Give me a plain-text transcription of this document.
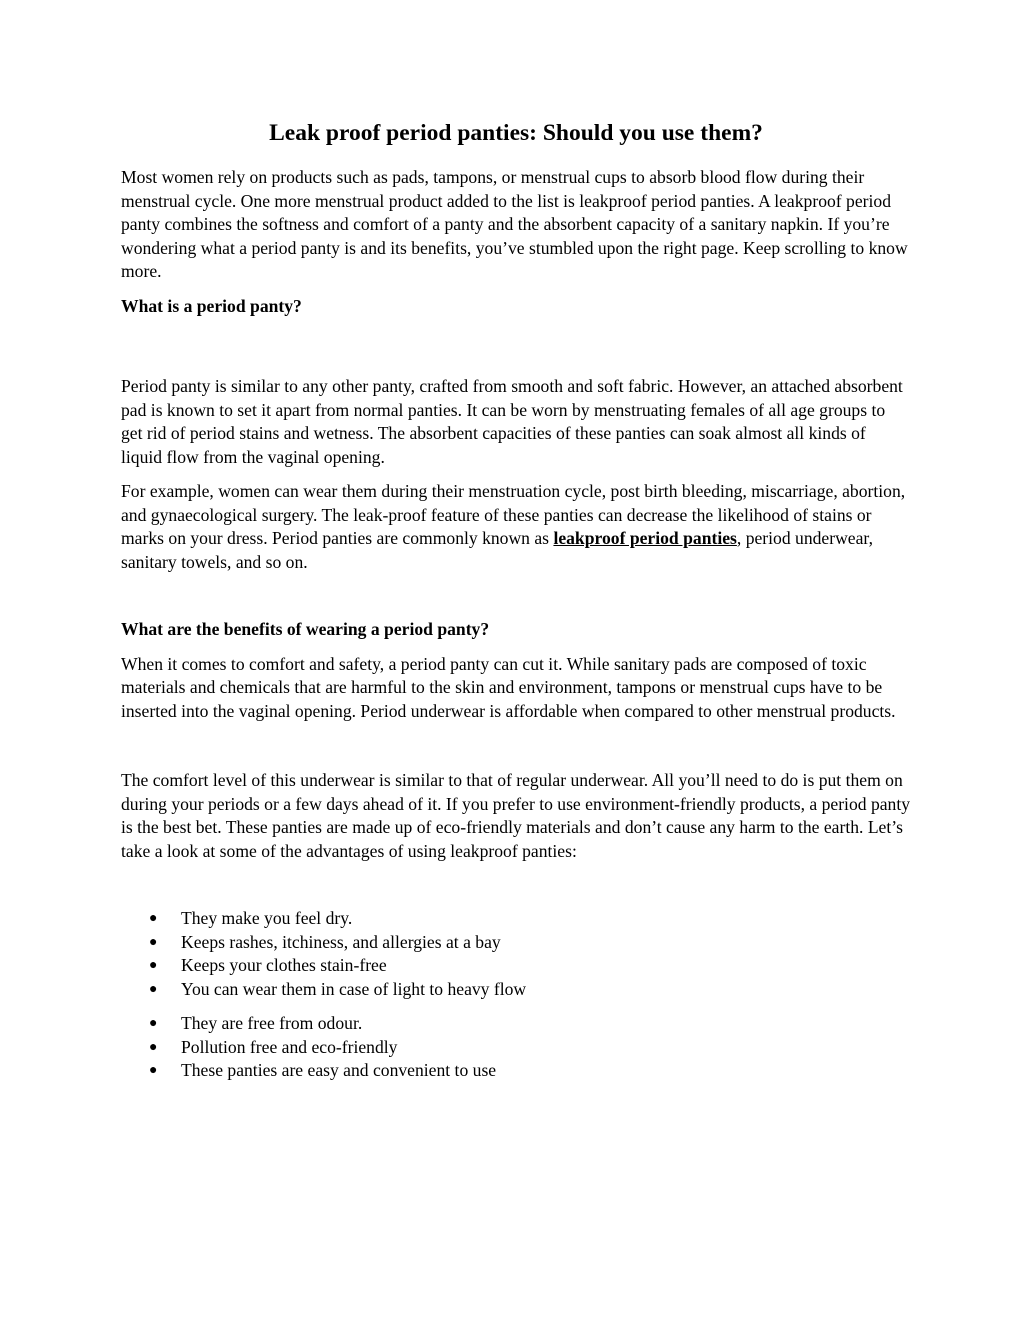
Leak proof period panties: Should you use them?

Most women rely on products such as pads, tampons, or menstrual cups to absorb blood flow during their menstrual cycle. One more menstrual product added to the list is leakproof period panties. A leakproof period panty combines the softness and comfort of a panty and the absorbent capacity of a sanitary napkin. If you’re wondering what a period panty is and its benefits, you’ve stumbled upon the right page. Keep scrolling to know more.

What is a period panty?

Period panty is similar to any other panty, crafted from smooth and soft fabric. However, an attached absorbent pad is known to set it apart from normal panties. It can be worn by menstruating females of all age groups to get rid of period stains and wetness. The absorbent capacities of these panties can soak almost all kinds of liquid flow from the vaginal opening.

For example, women can wear them during their menstruation cycle, post birth bleeding, miscarriage, abortion, and gynaecological surgery. The leak-proof feature of these panties can decrease the likelihood of stains or marks on your dress. Period panties are commonly known as leakproof period panties, period underwear, sanitary towels, and so on.

What are the benefits of wearing a period panty?

When it comes to comfort and safety, a period panty can cut it. While sanitary pads are composed of toxic materials and chemicals that are harmful to the skin and environment, tampons or menstrual cups have to be inserted into the vaginal opening. Period underwear is affordable when compared to other menstrual products.

The comfort level of this underwear is similar to that of regular underwear. All you’ll need to do is put them on during your periods or a few days ahead of it. If you prefer to use environment-friendly products, a period panty is the best bet. These panties are made up of eco-friendly materials and don’t cause any harm to the earth. Let’s take a look at some of the advantages of using leakproof panties:

● They make you feel dry.
● Keeps rashes, itchiness, and allergies at a bay
● Keeps your clothes stain-free
● You can wear them in case of light to heavy flow
● They are free from odour.
● Pollution free and eco-friendly
● These panties are easy and convenient to use
